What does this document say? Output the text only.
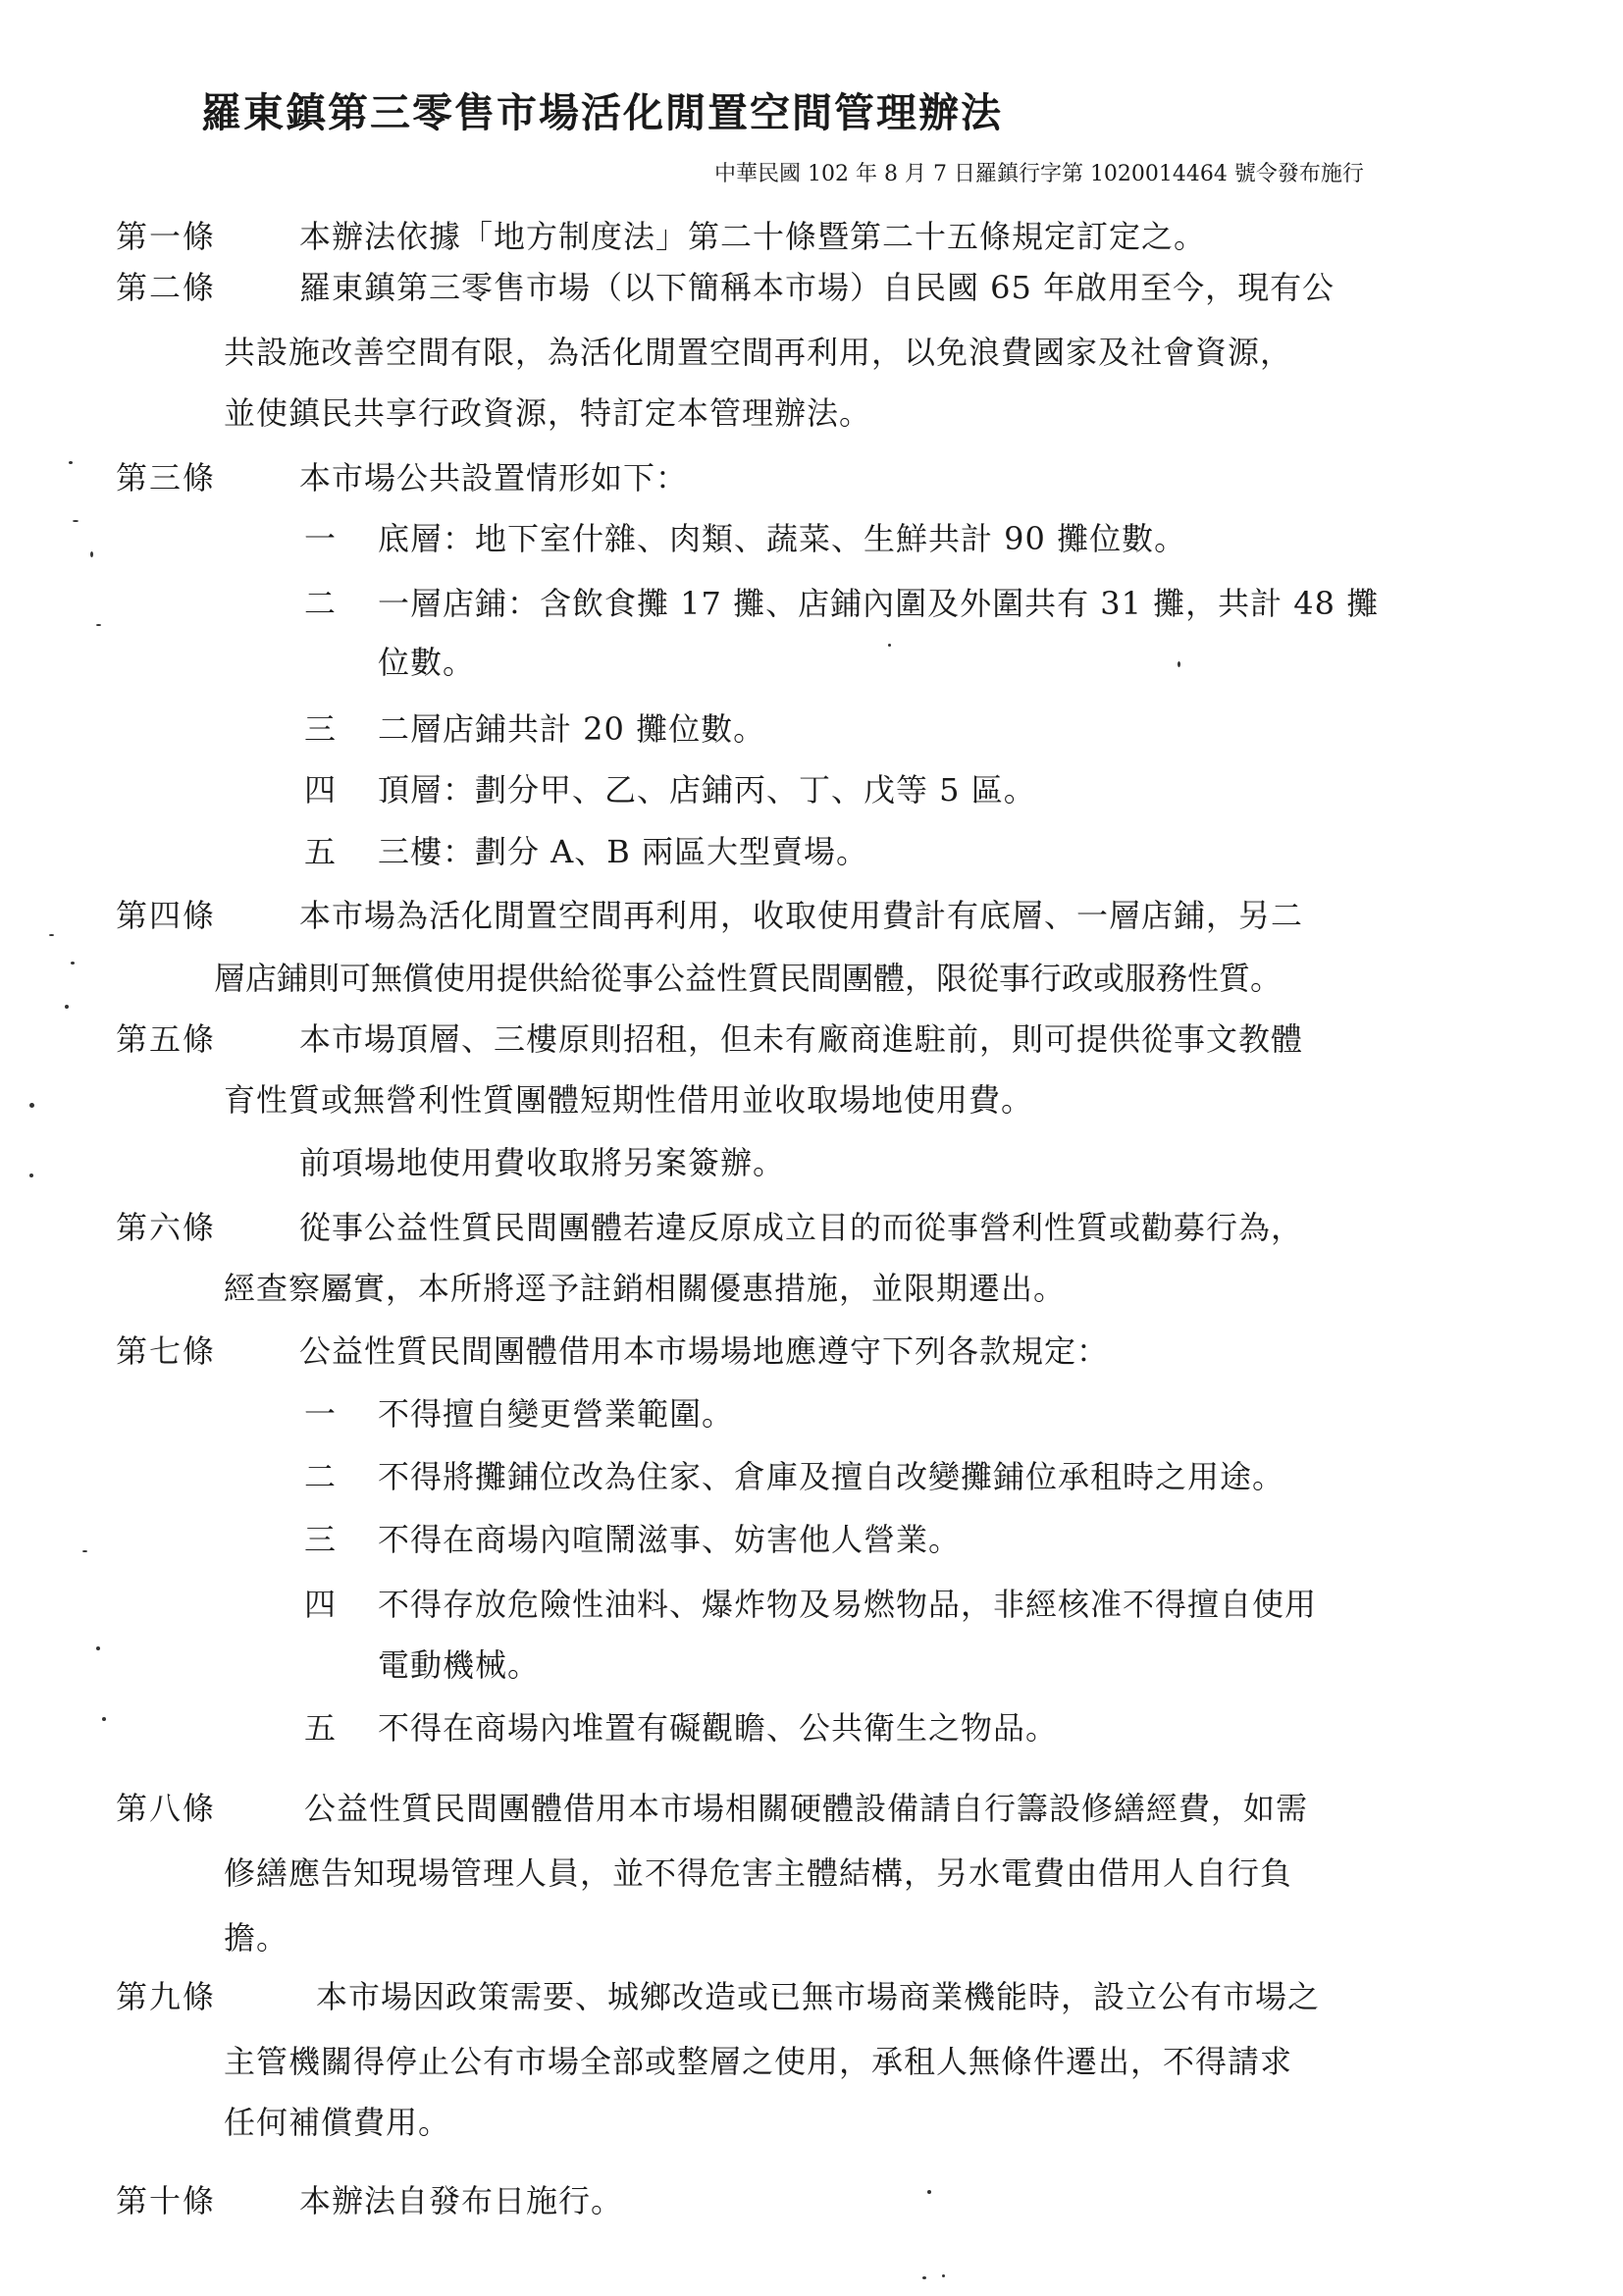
羅東鎮第三零售市場活化閒置空間管理辦法
中華民國 102 年 8 月 7 日羅鎮行字第 1020014464 號令發布施行
第一條	本辦法依據「地方制度法」第二十條暨第二十五條規定訂定之。
第二條	羅東鎮第三零售市場（以下簡稱本市場）自民國 65 年啟用至今，現有公
共設施改善空間有限，為活化閒置空間再利用，以免浪費國家及社會資源，
並使鎮民共享行政資源，特訂定本管理辦法。
第三條	本市場公共設置情形如下：
一 底層：地下室什雜、肉類、蔬菜、生鮮共計 90 攤位數。
二 一層店鋪：含飲食攤 17 攤、店鋪內圍及外圍共有 31 攤，共計 48 攤
位數。
三 二層店鋪共計 20 攤位數。
四 頂層：劃分甲、乙、店鋪丙、丁、戊等 5 區。
五 三樓：劃分 A、B 兩區大型賣場。
第四條	本市場為活化閒置空間再利用，收取使用費計有底層、一層店鋪，另二
層店鋪則可無償使用提供給從事公益性質民間團體，限從事行政或服務性質。
第五條	本市場頂層、三樓原則招租，但未有廠商進駐前，則可提供從事文教體
育性質或無營利性質團體短期性借用並收取場地使用費。
前項場地使用費收取將另案簽辦。
第六條	從事公益性質民間團體若違反原成立目的而從事營利性質或勸募行為，
經查察屬實，本所將逕予註銷相關優惠措施，並限期遷出。
第七條	公益性質民間團體借用本市場場地應遵守下列各款規定：
一 不得擅自變更營業範圍。
二 不得將攤鋪位改為住家、倉庫及擅自改變攤鋪位承租時之用途。
三 不得在商場內喧鬧滋事、妨害他人營業。
四 不得存放危險性油料、爆炸物及易燃物品，非經核准不得擅自使用
電動機械。
五 不得在商場內堆置有礙觀瞻、公共衛生之物品。
第八條	公益性質民間團體借用本市場相關硬體設備請自行籌設修繕經費，如需
修繕應告知現場管理人員，並不得危害主體結構，另水電費由借用人自行負
擔。
第九條	本市場因政策需要、城鄉改造或已無市場商業機能時，設立公有市場之
主管機關得停止公有市場全部或整層之使用，承租人無條件遷出，不得請求
任何補償費用。
第十條	本辦法自發布日施行。
